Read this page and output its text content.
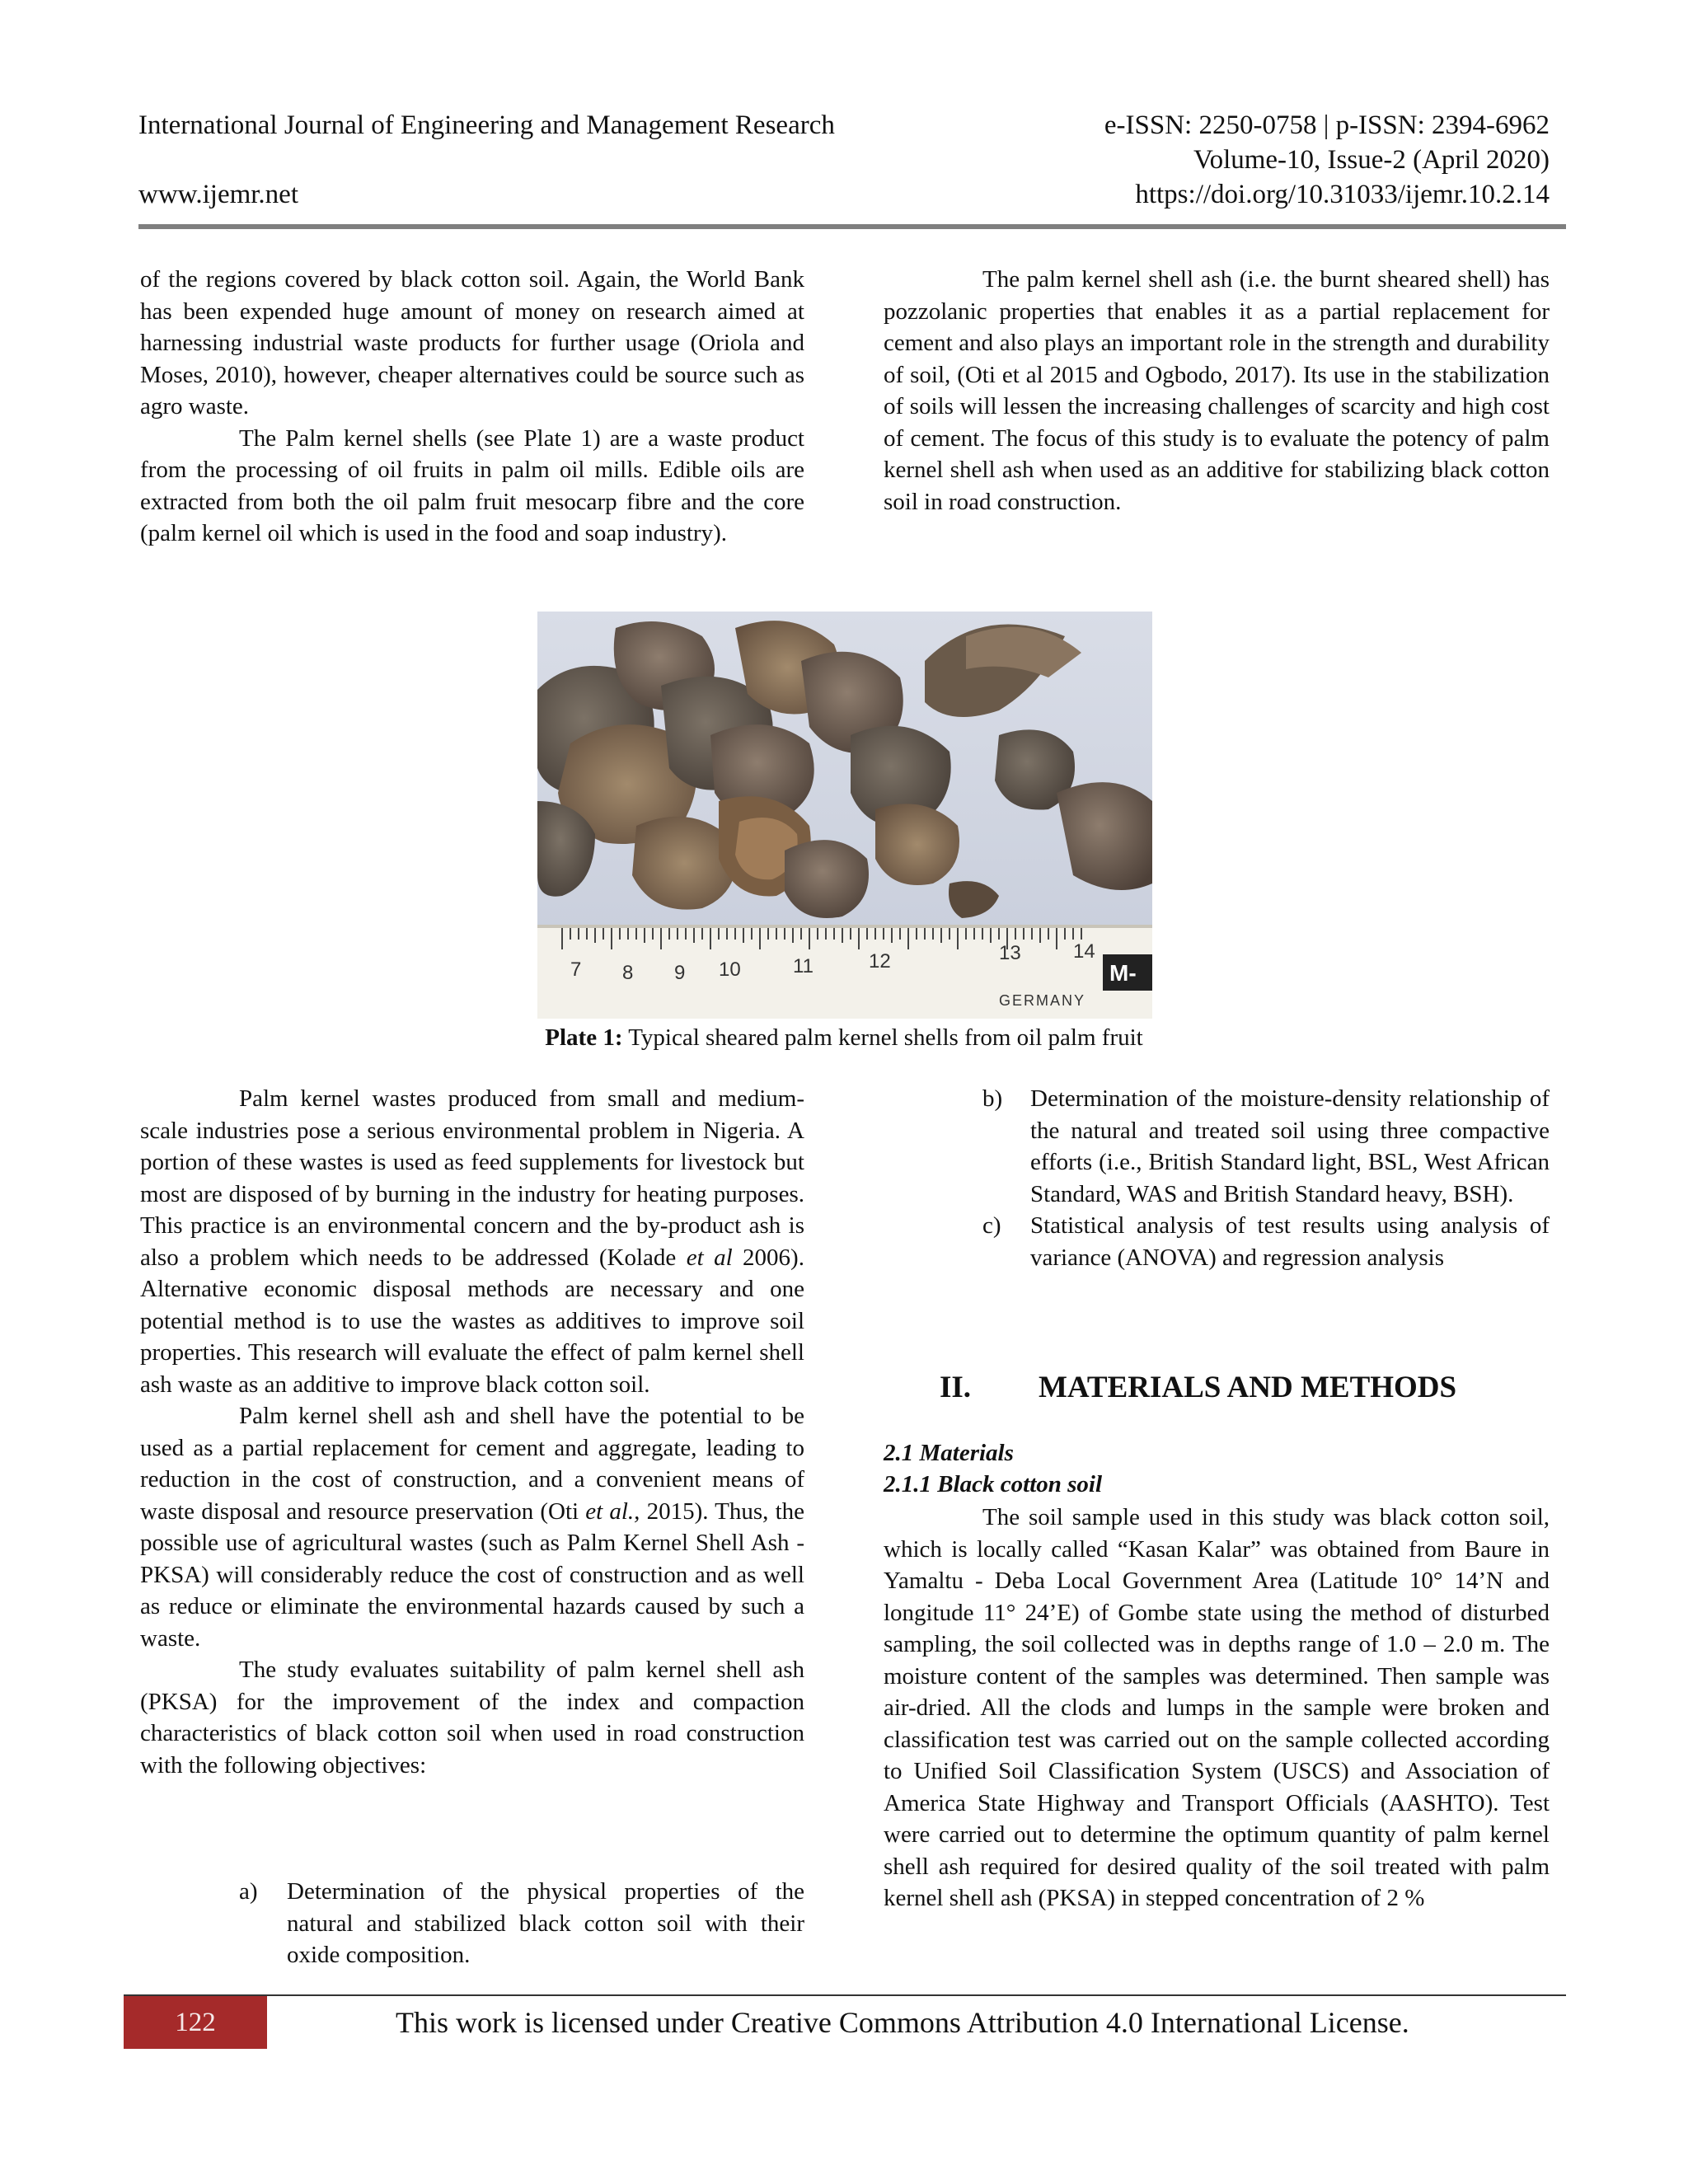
International Journal of Engineering and Management Research	e-ISSN: 2250-0758 | p-ISSN: 2394-6962
Volume-10, Issue-2 (April 2020)
www.ijemr.net	https://doi.org/10.31033/ijemr.10.2.14

of the regions covered by black cotton soil. Again, the World Bank has been expended huge amount of money on research aimed at harnessing industrial waste products for further usage (Oriola and Moses, 2010), however, cheaper alternatives could be source such as agro waste.

The Palm kernel shells (see Plate 1) are a waste product from the processing of oil fruits in palm oil mills. Edible oils are extracted from both the oil palm fruit mesocarp fibre and the core (palm kernel oil which is used in the food and soap industry).

The palm kernel shell ash (i.e. the burnt sheared shell) has pozzolanic properties that enables it as a partial replacement for cement and also plays an important role in the strength and durability of soil, (Oti et al 2015 and Ogbodo, 2017). Its use in the stabilization of soils will lessen the increasing challenges of scarcity and high cost of cement. The focus of this study is to evaluate the potency of palm kernel shell ash when used as an additive for stabilizing black cotton soil in road construction.

7 8 9 10	11	12	13	14
GERMANY
M-
Plate 1: Typical sheared palm kernel shells from oil palm fruit

Palm kernel wastes produced from small and medium-scale industries pose a serious environmental problem in Nigeria. A portion of these wastes is used as feed supplements for livestock but most are disposed of by burning in the industry for heating purposes. This practice is an environmental concern and the by-product ash is also a problem which needs to be addressed (Kolade et al 2006). Alternative economic disposal methods are necessary and one potential method is to use the wastes as additives to improve soil properties. This research will evaluate the effect of palm kernel shell ash waste as an additive to improve black cotton soil.

Palm kernel shell ash and shell have the potential to be used as a partial replacement for cement and aggregate, leading to reduction in the cost of construction, and a convenient means of waste disposal and resource preservation (Oti et al., 2015). Thus, the possible use of agricultural wastes (such as Palm Kernel Shell Ash - PKSA) will considerably reduce the cost of construction and as well as reduce or eliminate the environmental hazards caused by such a waste.

The study evaluates suitability of palm kernel shell ash (PKSA) for the improvement of the index and compaction characteristics of black cotton soil when used in road construction with the following objectives:

a) Determination of the physical properties of the natural and stabilized black cotton soil with their oxide composition.
b) Determination of the moisture-density relationship of the natural and treated soil using three compactive efforts (i.e., British Standard light, BSL, West African Standard, WAS and British Standard heavy, BSH).
c) Statistical analysis of test results using analysis of variance (ANOVA) and regression analysis
II. MATERIALS AND METHODS
2.1 Materials
2.1.1 Black cotton soil

The soil sample used in this study was black cotton soil, which is locally called “Kasan Kalar” was obtained from Baure in Yamaltu - Deba Local Government Area (Latitude 10° 14’N and longitude 11° 24’E) of Gombe state using the method of disturbed sampling, the soil collected was in depths range of 1.0 – 2.0 m. The moisture content of the samples was determined. Then sample was air-dried. All the clods and lumps in the sample were broken and classification test was carried out on the sample collected according to Unified Soil Classification System (USCS) and Association of America State Highway and Transport Officials (AASHTO). Test were carried out to determine the optimum quantity of palm kernel shell ash required for desired quality of the soil treated with palm kernel shell ash (PKSA) in stepped concentration of 2 %

122	This work is licensed under Creative Commons Attribution 4.0 International License.
